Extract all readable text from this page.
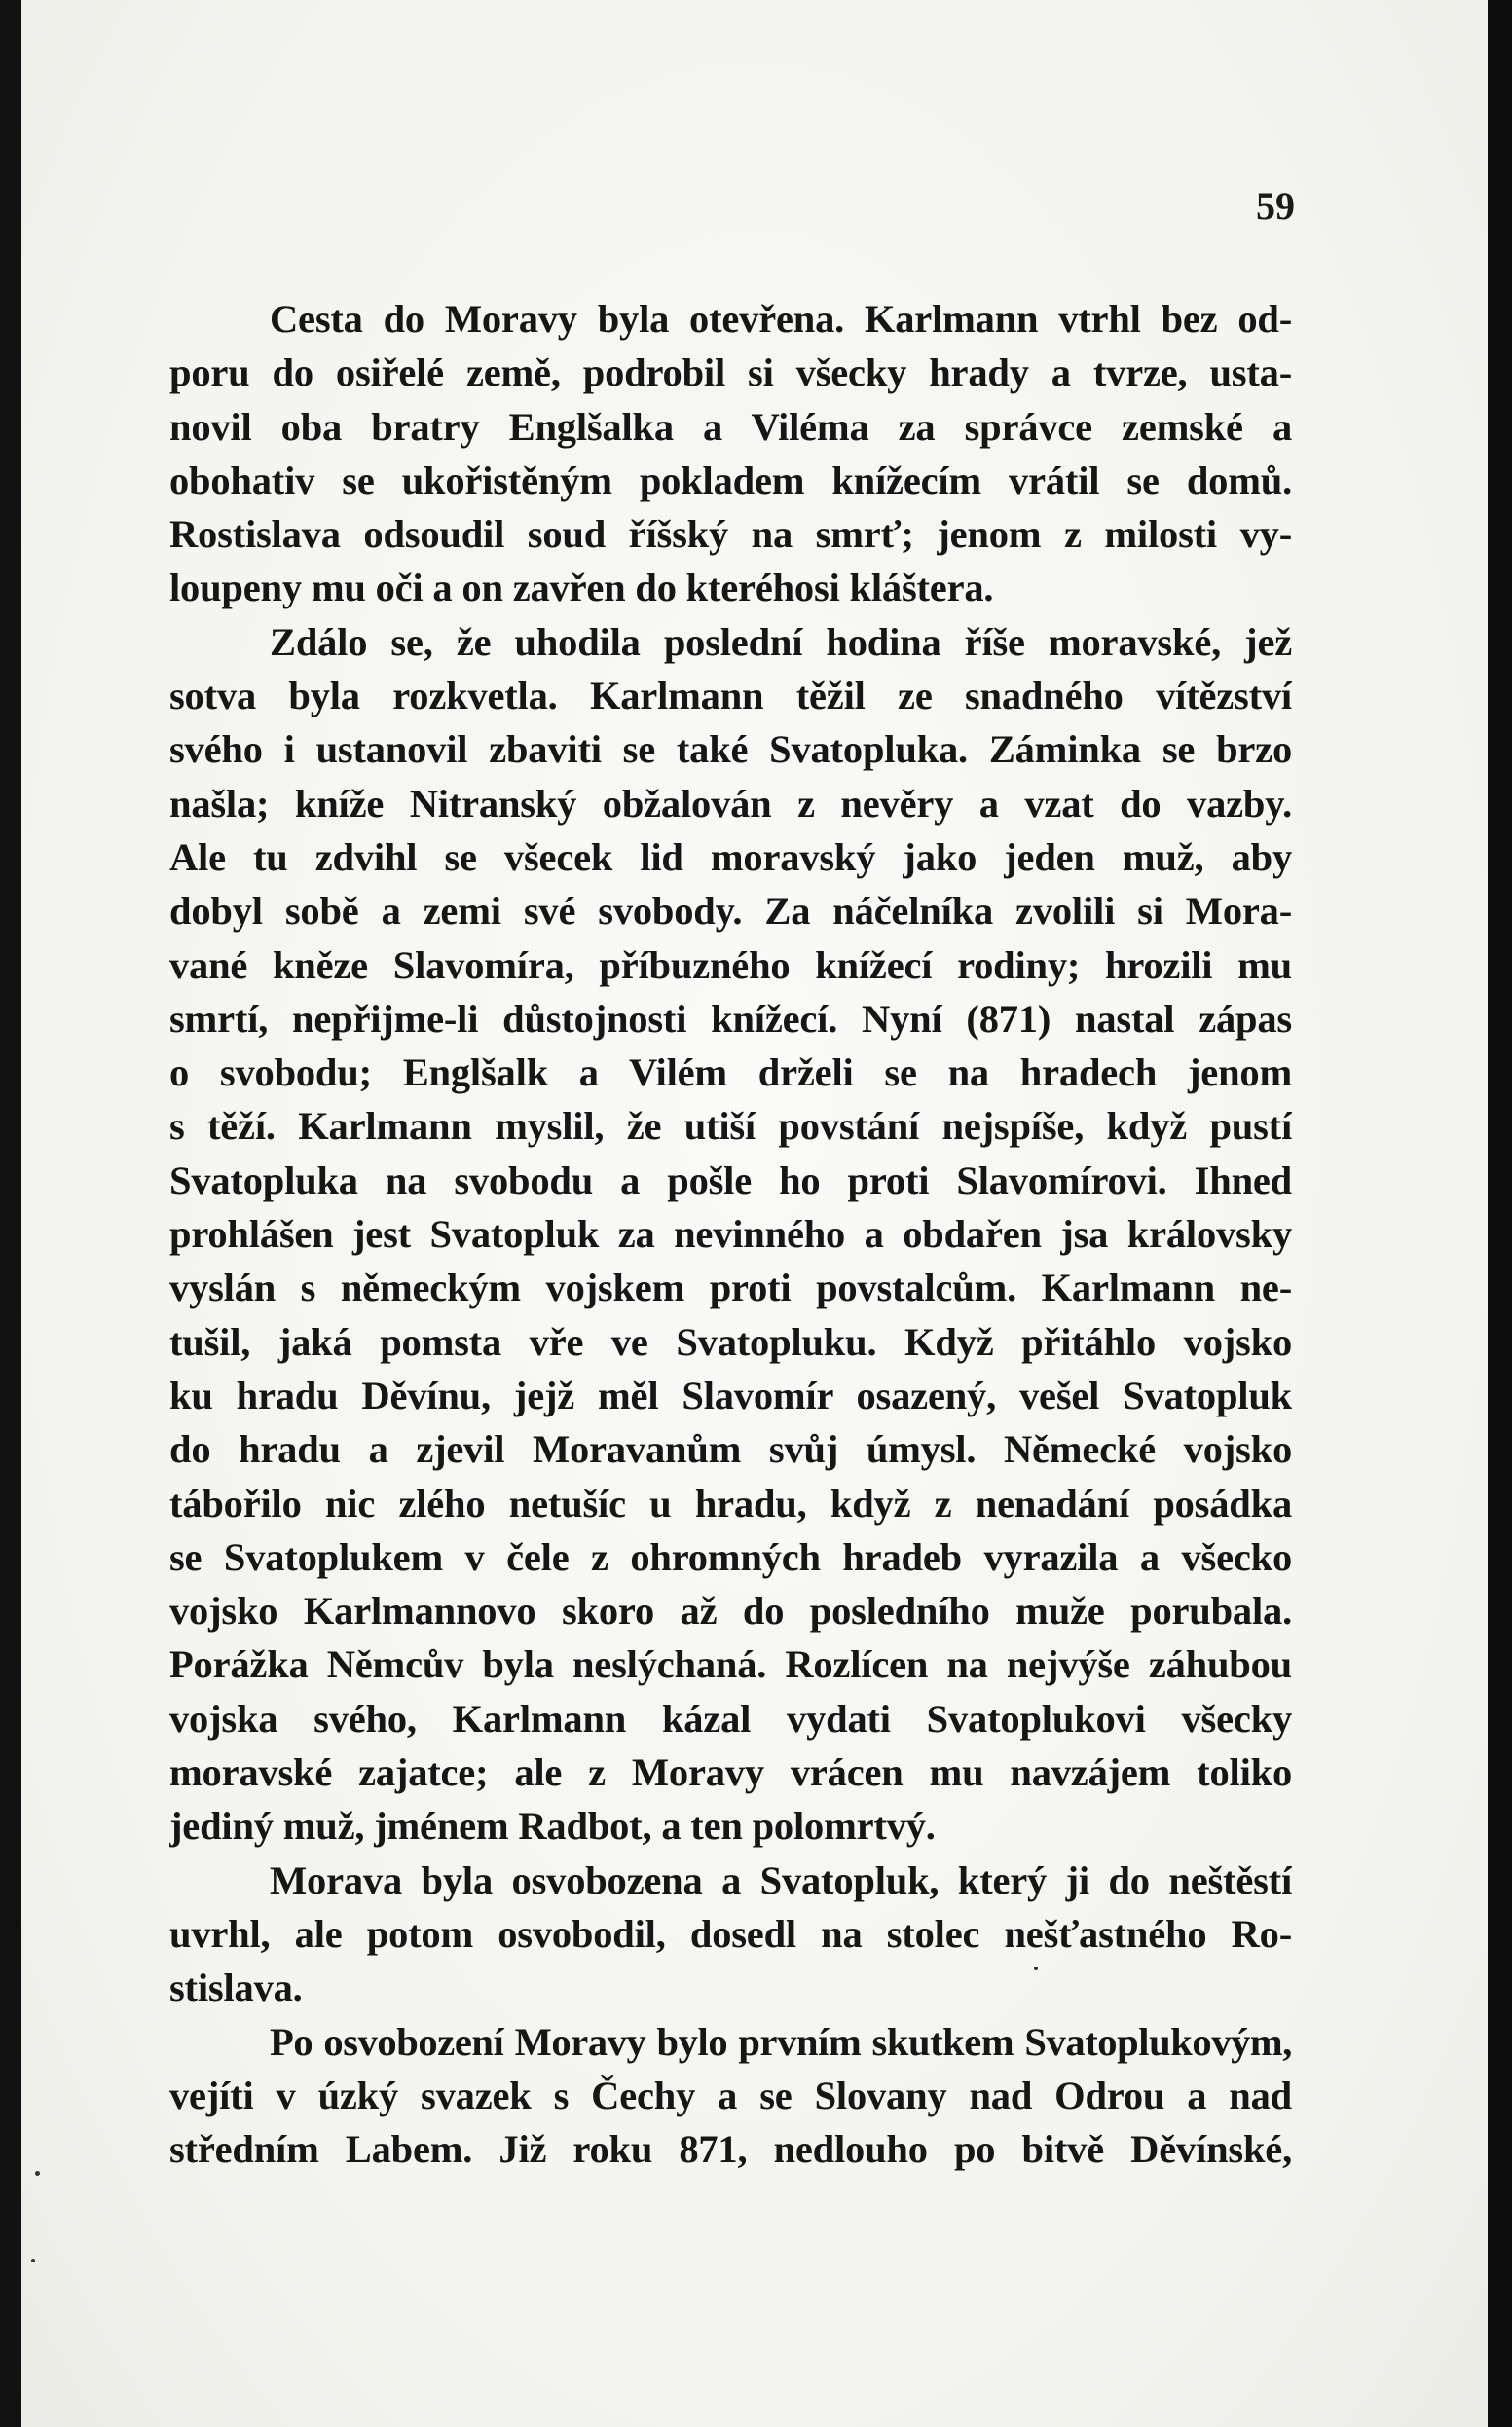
59
Cesta do Moravy byla otevřena. Karlmann vtrhl bez od-
poru do osiřelé země, podrobil si všecky hrady a tvrze, usta-
novil oba bratry Englšalka a Viléma za správce zemské a
obohativ se ukořistěným pokladem knížecím vrátil se domů.
Rostislava odsoudil soud říšský na smrť; jenom z milosti vy-
loupeny mu oči a on zavřen do kteréhosi kláštera.
Zdálo se, že uhodila poslední hodina říše moravské, jež
sotva byla rozkvetla. Karlmann těžil ze snadného vítězství
svého i ustanovil zbaviti se také Svatopluka. Záminka se brzo
našla; kníže Nitranský obžalován z nevěry a vzat do vazby.
Ale tu zdvihl se všecek lid moravský jako jeden muž, aby
dobyl sobě a zemi své svobody. Za náčelníka zvolili si Mora-
vané kněze Slavomíra, příbuzného knížecí rodiny; hrozili mu
smrtí, nepřijme-li důstojnosti knížecí. Nyní (871) nastal zápas
o svobodu; Englšalk a Vilém drželi se na hradech jenom
s těží. Karlmann myslil, že utiší povstání nejspíše, když pustí
Svatopluka na svobodu a pošle ho proti Slavomírovi. Ihned
prohlášen jest Svatopluk za nevinného a obdařen jsa královsky
vyslán s německým vojskem proti povstalcům. Karlmann ne-
tušil, jaká pomsta vře ve Svatopluku. Když přitáhlo vojsko
ku hradu Děvínu, jejž měl Slavomír osazený, vešel Svatopluk
do hradu a zjevil Moravanům svůj úmysl. Německé vojsko
tábořilo nic zlého netušíc u hradu, když z nenadání posádka
se Svatoplukem v čele z ohromných hradeb vyrazila a všecko
vojsko Karlmannovo skoro až do posledního muže porubala.
Porážka Němcův byla neslýchaná. Rozlícen na nejvýše záhubou
vojska svého, Karlmann kázal vydati Svatoplukovi všecky
moravské zajatce; ale z Moravy vrácen mu navzájem toliko
jediný muž, jménem Radbot, a ten polomrtvý.
Morava byla osvobozena a Svatopluk, který ji do neštěstí
uvrhl, ale potom osvobodil, dosedl na stolec nešťastného Ro-
stislava.
Po osvobození Moravy bylo prvním skutkem Svatoplukovým,
vejíti v úzký svazek s Čechy a se Slovany nad Odrou a nad
středním Labem. Již roku 871, nedlouho po bitvě Děvínské,
